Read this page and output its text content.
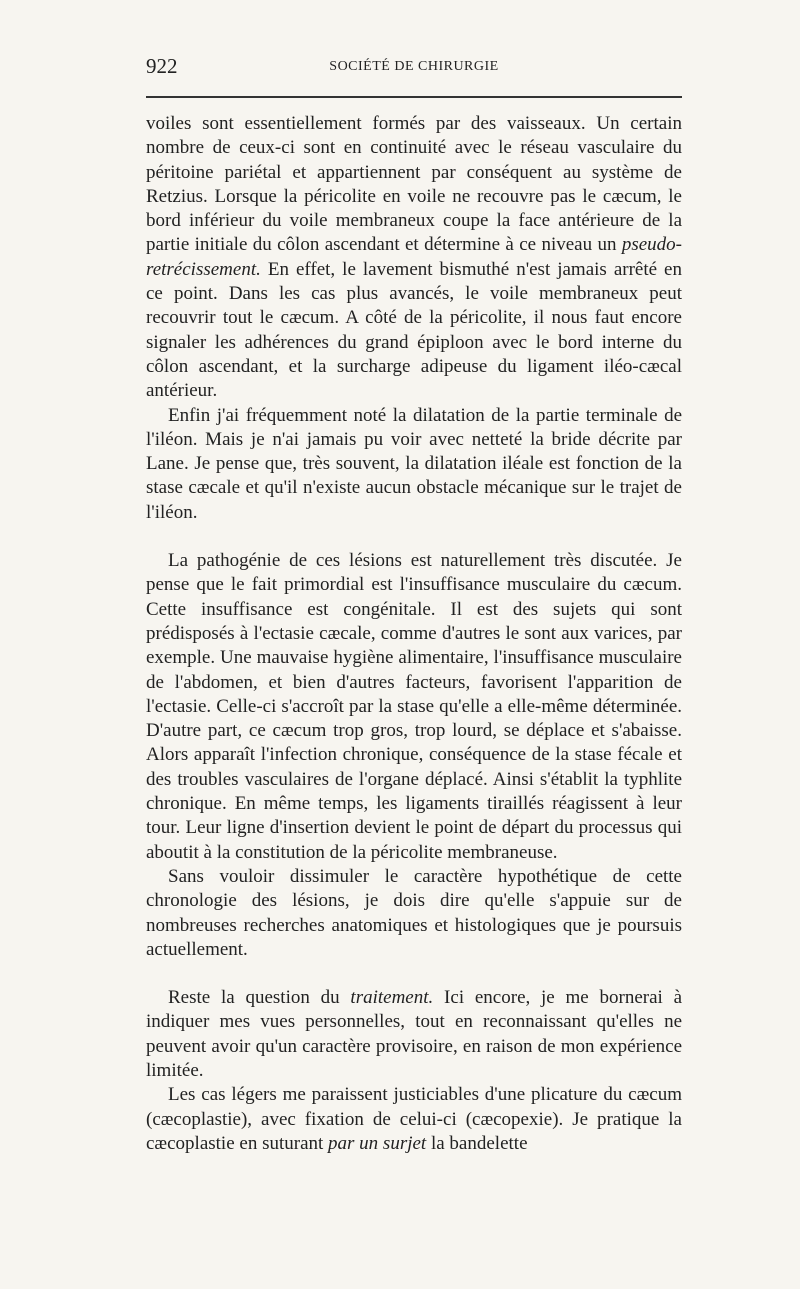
922	SOCIÉTÉ DE CHIRURGIE

voiles sont essentiellement formés par des vaisseaux. Un certain nombre de ceux-ci sont en continuité avec le réseau vasculaire du péritoine pariétal et appartiennent par conséquent au système de Retzius. Lorsque la péricolite en voile ne recouvre pas le cæcum, le bord inférieur du voile membraneux coupe la face antérieure de la partie initiale du côlon ascendant et détermine à ce niveau un pseudo-retrécissement. En effet, le lavement bismuthé n'est jamais arrêté en ce point. Dans les cas plus avancés, le voile membraneux peut recouvrir tout le cæcum. A côté de la péricolite, il nous faut encore signaler les adhérences du grand épiploon avec le bord interne du côlon ascendant, et la surcharge adipeuse du ligament iléo-cæcal antérieur.

Enfin j'ai fréquemment noté la dilatation de la partie terminale de l'iléon. Mais je n'ai jamais pu voir avec netteté la bride décrite par Lane. Je pense que, très souvent, la dilatation iléale est fonction de la stase cæcale et qu'il n'existe aucun obstacle mécanique sur le trajet de l'iléon.

La pathogénie de ces lésions est naturellement très discutée. Je pense que le fait primordial est l'insuffisance musculaire du cæcum. Cette insuffisance est congénitale. Il est des sujets qui sont prédisposés à l'ectasie cæcale, comme d'autres le sont aux varices, par exemple. Une mauvaise hygiène alimentaire, l'insuffisance musculaire de l'abdomen, et bien d'autres facteurs, favorisent l'apparition de l'ectasie. Celle-ci s'accroît par la stase qu'elle a elle-même déterminée. D'autre part, ce cæcum trop gros, trop lourd, se déplace et s'abaisse. Alors apparaît l'infection chronique, conséquence de la stase fécale et des troubles vasculaires de l'organe déplacé. Ainsi s'établit la typhlite chronique. En même temps, les ligaments tiraillés réagissent à leur tour. Leur ligne d'insertion devient le point de départ du processus qui aboutit à la constitution de la péricolite membraneuse.

Sans vouloir dissimuler le caractère hypothétique de cette chronologie des lésions, je dois dire qu'elle s'appuie sur de nombreuses recherches anatomiques et histologiques que je poursuis actuellement.

Reste la question du traitement. Ici encore, je me bornerai à indiquer mes vues personnelles, tout en reconnaissant qu'elles ne peuvent avoir qu'un caractère provisoire, en raison de mon expérience limitée.

Les cas légers me paraissent justiciables d'une plicature du cæcum (cæcoplastie), avec fixation de celui-ci (cæcopexie). Je pratique la cæcoplastie en suturant par un surjet la bandelette
